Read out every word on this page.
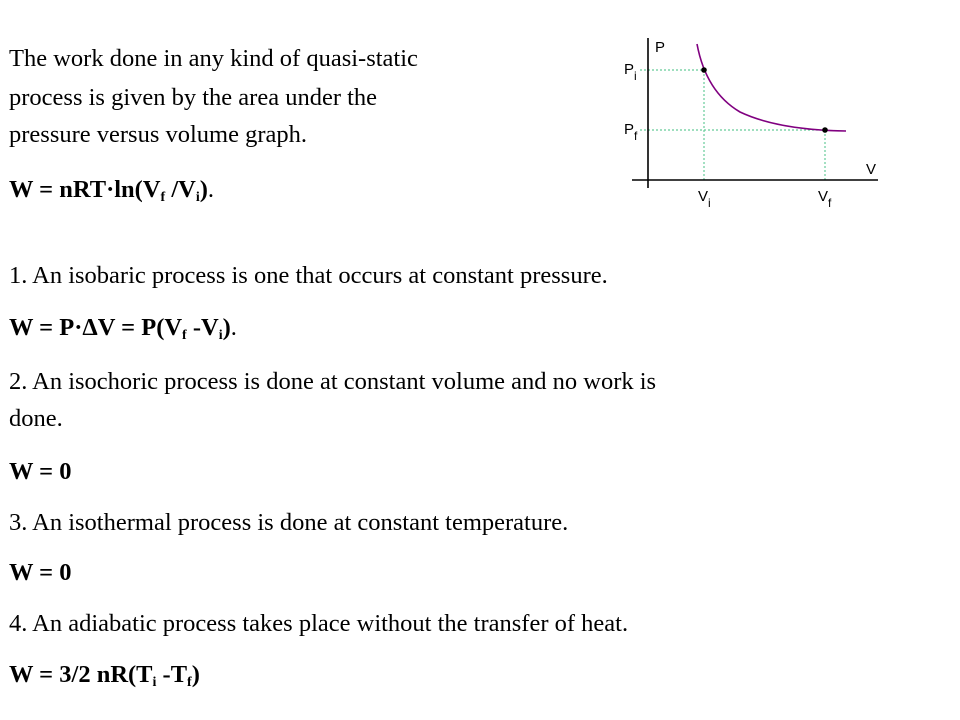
The work done in any kind of quasi-static
process is given by the area under the
pressure versus volume graph.
$W = nRT\cdot\ln(V_f$ $/V_i$).
1. An isobaric process is one that occurs at constant pressure.
$W = P\cdot\Delta V = P(V_f$ $-V_i$).
2. An isochoric process is done at constant volume and no work is
done.
W = 0
3. An isothermal process is done at constant temperature.
W = 0
4. An adiabatic process takes place without the transfer of heat.
W = 3/2 $nR(T_i$ $-T_f$)
P
V
$P_i$
$P_f$
$V_i$	$V_f$
